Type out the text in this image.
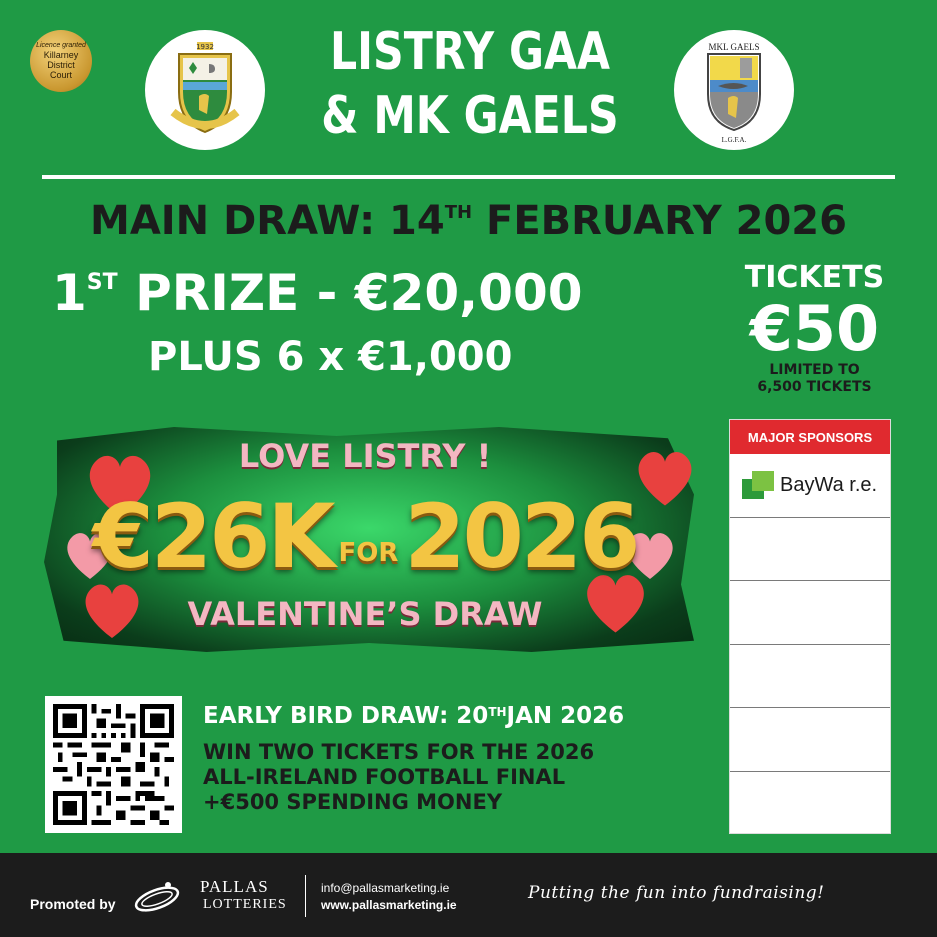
Licence granted
Killarney
District
Court
1932	LISTRY GAA
& MK GAELS
MKL GAELS
L.G.F.A.
MAIN DRAW: 14TH FEBRUARY 2026
1ST PRIZE - €20,000
PLUS 6 x €1,000
TICKETS
€50
LIMITED TO
6,500 TICKETS
LOVE LISTRY !
€26K FOR2026
VALENTINE’S DRAW
MAJOR SPONSORS
BayWa r.e.
EARLY BIRD DRAW: 20THJAN 2026
WIN TWO TICKETS FOR THE 2026
ALL-IRELAND FOOTBALL FINAL
+€500 SPENDING MONEY
Promoted by
PALLAS
LOTTERIES
info@pallasmarketing.ie
www.pallasmarketing.ie
Putting the fun into fundraising!
